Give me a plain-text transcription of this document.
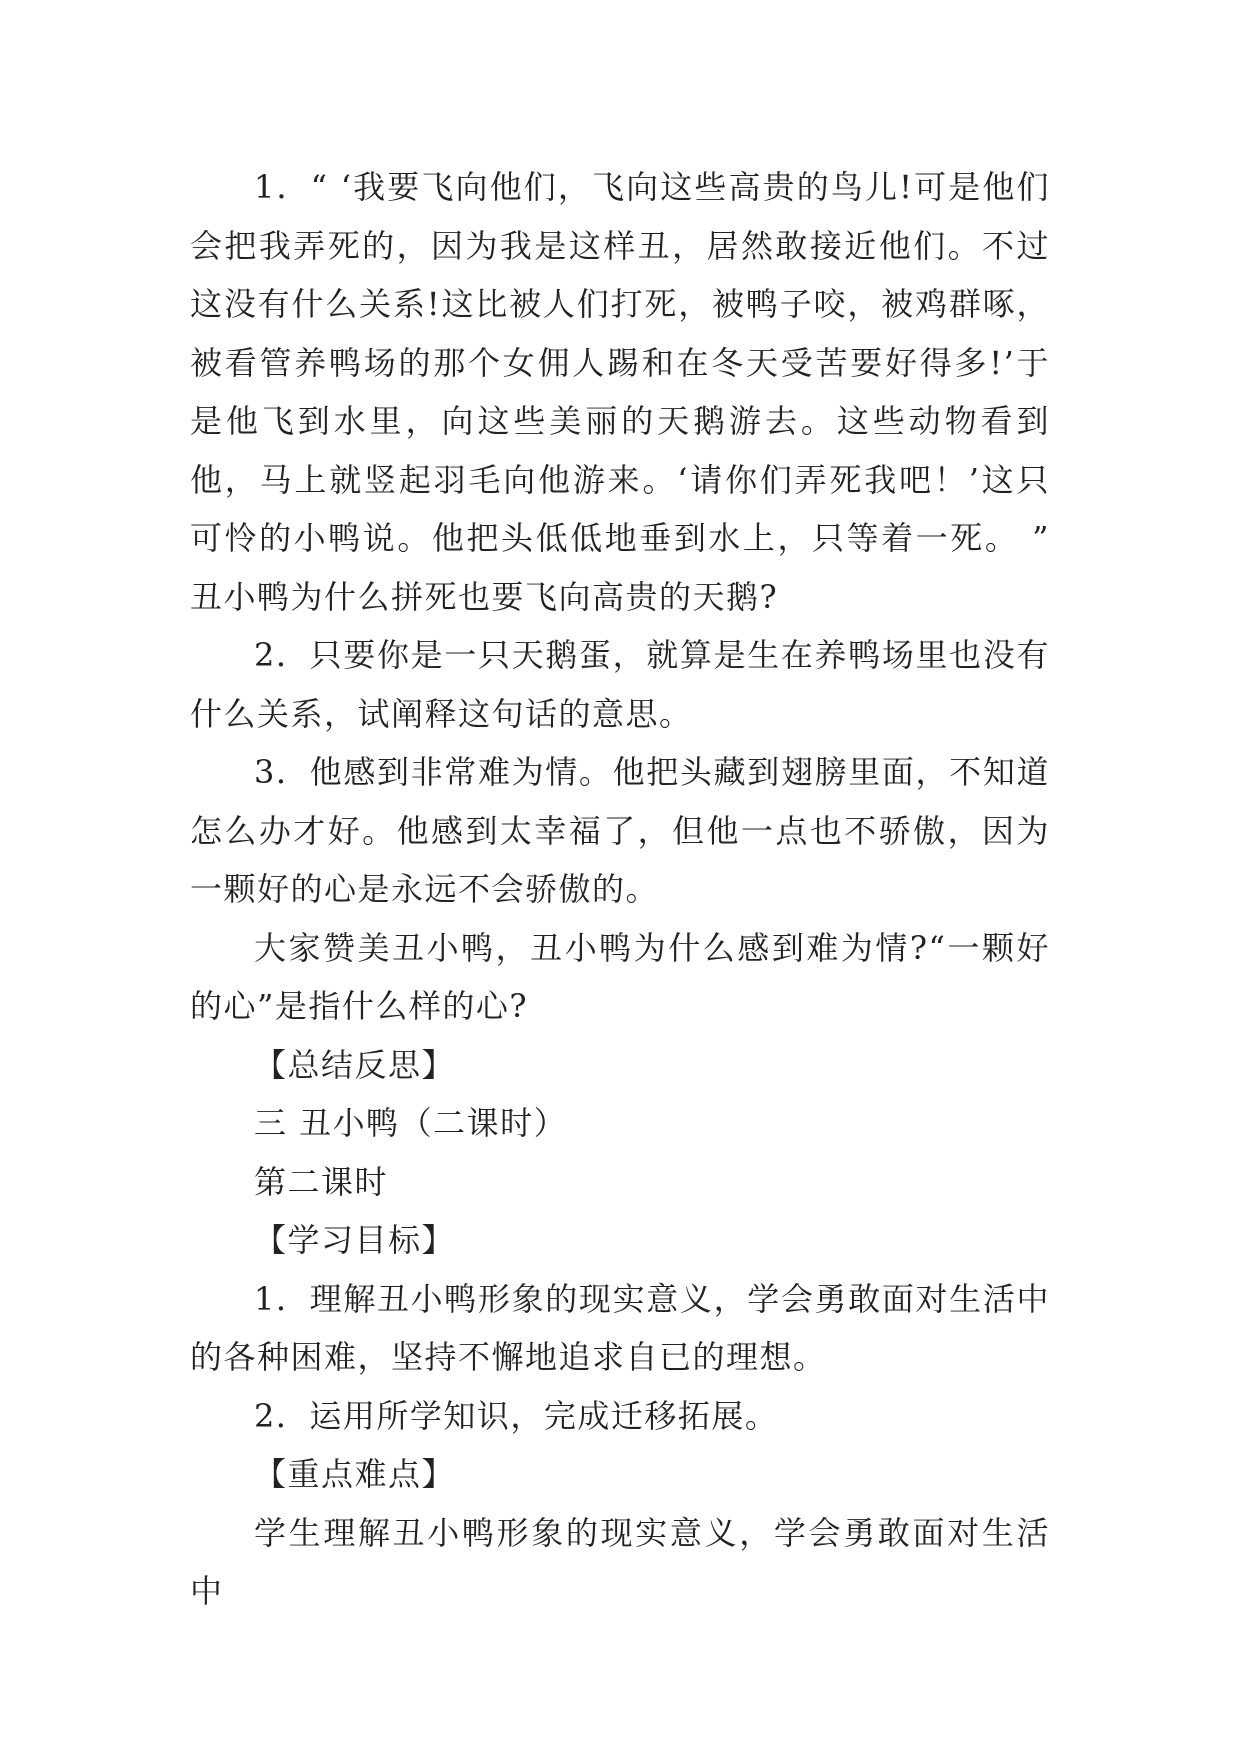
1．“ ‘我要飞向他们，飞向这些高贵的鸟儿!可是他们会把我弄死的，因为我是这样丑，居然敢接近他们。不过这没有什么关系!这比被人们打死，被鸭子咬，被鸡群啄，被看管养鸭场的那个女佣人踢和在冬天受苦要好得多!’于是他飞到水里，向这些美丽的天鹅游去。这些动物看到他，马上就竖起羽毛向他游来。‘请你们弄死我吧！’这只可怜的小鸭说。他把头低低地垂到水上，只等着一死。 ” 丑小鸭为什么拼死也要飞向高贵的天鹅?

2．只要你是一只天鹅蛋，就算是生在养鸭场里也没有什么关系，试阐释这句话的意思。

3．他感到非常难为情。他把头藏到翅膀里面，不知道怎么办才好。他感到太幸福了，但他一点也不骄傲，因为一颗好的心是永远不会骄傲的。

大家赞美丑小鸭，丑小鸭为什么感到难为情?“一颗好的心”是指什么样的心?

【总结反思】

三 丑小鸭（二课时）

第二课时

【学习目标】

1．理解丑小鸭形象的现实意义，学会勇敢面对生活中的各种困难，坚持不懈地追求自已的理想。

2．运用所学知识，完成迁移拓展。

【重点难点】

学生理解丑小鸭形象的现实意义，学会勇敢面对生活中
